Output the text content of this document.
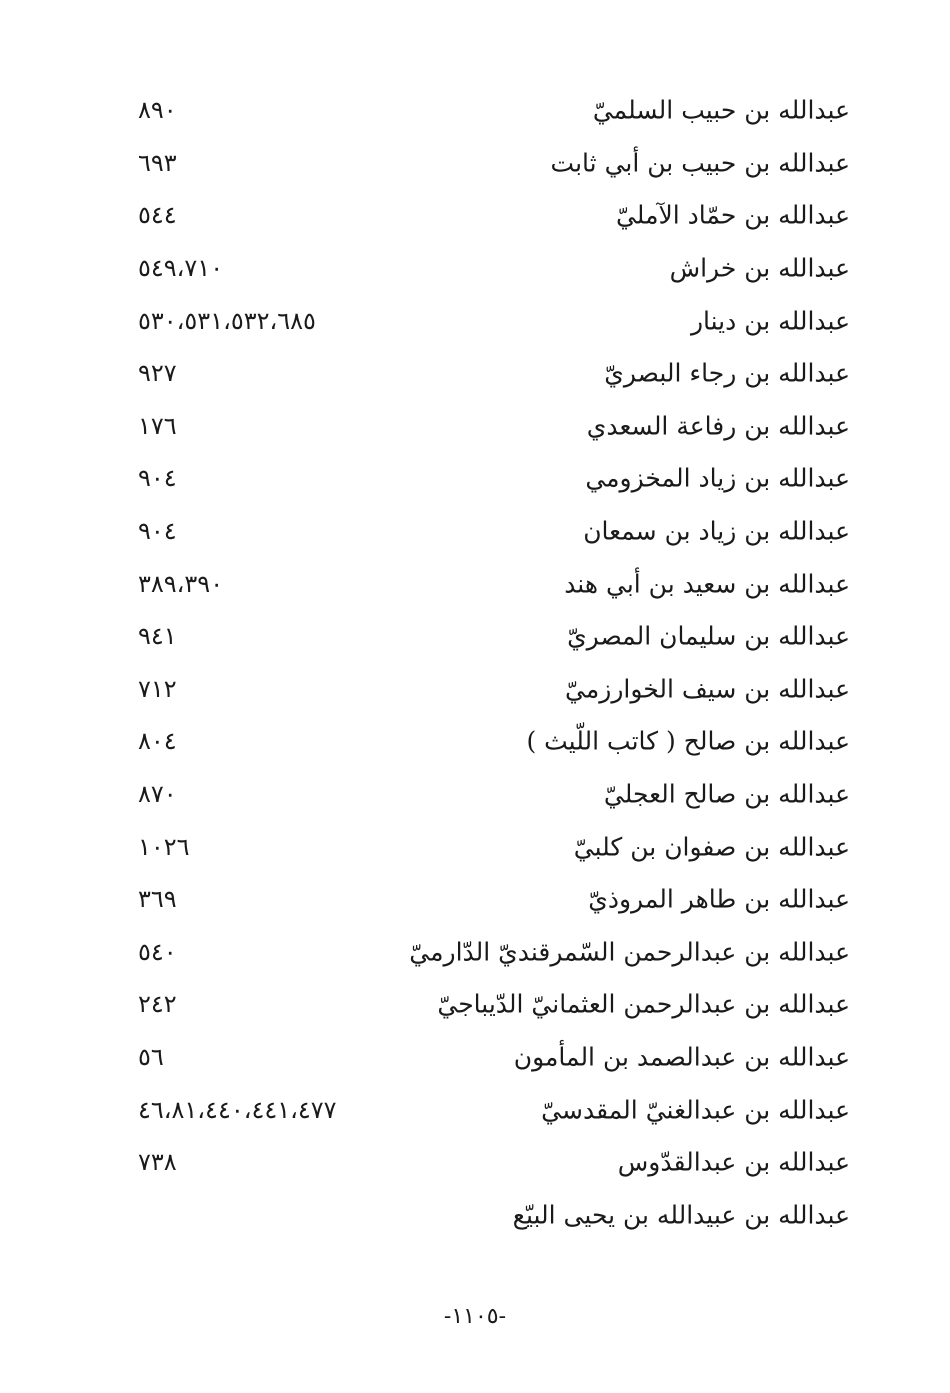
عبدالله بن حبيب السلميّ
٨٩٠
عبدالله بن حبيب بن أبي ثابت
٦٩٣
عبدالله بن حمّاد الآمليّ
٥٤٤
عبدالله بن خراش
٥٤٩،٧١٠
عبدالله بن دينار
٥٣٠،٥٣١،٥٣٢،٦٨٥
عبدالله بن رجاء البصريّ
٩٢٧
عبدالله بن رفاعة السعدي
١٧٦
عبدالله بن زياد المخزومي
٩٠٤
عبدالله بن زياد بن سمعان
٩٠٤
عبدالله بن سعيد بن أبي هند
٣٨٩،٣٩٠
عبدالله بن سليمان المصريّ
٩٤١
عبدالله بن سيف الخوارزميّ
٧١٢
عبدالله بن صالح ( كاتب اللّيث )
٨٠٤
عبدالله بن صالح العجليّ
٨٧٠
عبدالله بن صفوان بن كلبيّ
١٠٢٦
عبدالله بن طاهر المروذيّ
٣٦٩
عبدالله بن عبدالرحمن السّمرقنديّ الدّارميّ
٥٤٠
عبدالله بن عبدالرحمن العثمانيّ الدّيباجيّ
٢٤٢
عبدالله بن عبدالصمد بن المأمون
٥٦
عبدالله بن عبدالغنيّ المقدسيّ
٤٦،٨١،٤٤٠،٤٤١،٤٧٧
عبدالله بن عبدالقدّوس
٧٣٨
عبدالله بن عبيدالله بن يحيى البيّع
-١١٠٥-
